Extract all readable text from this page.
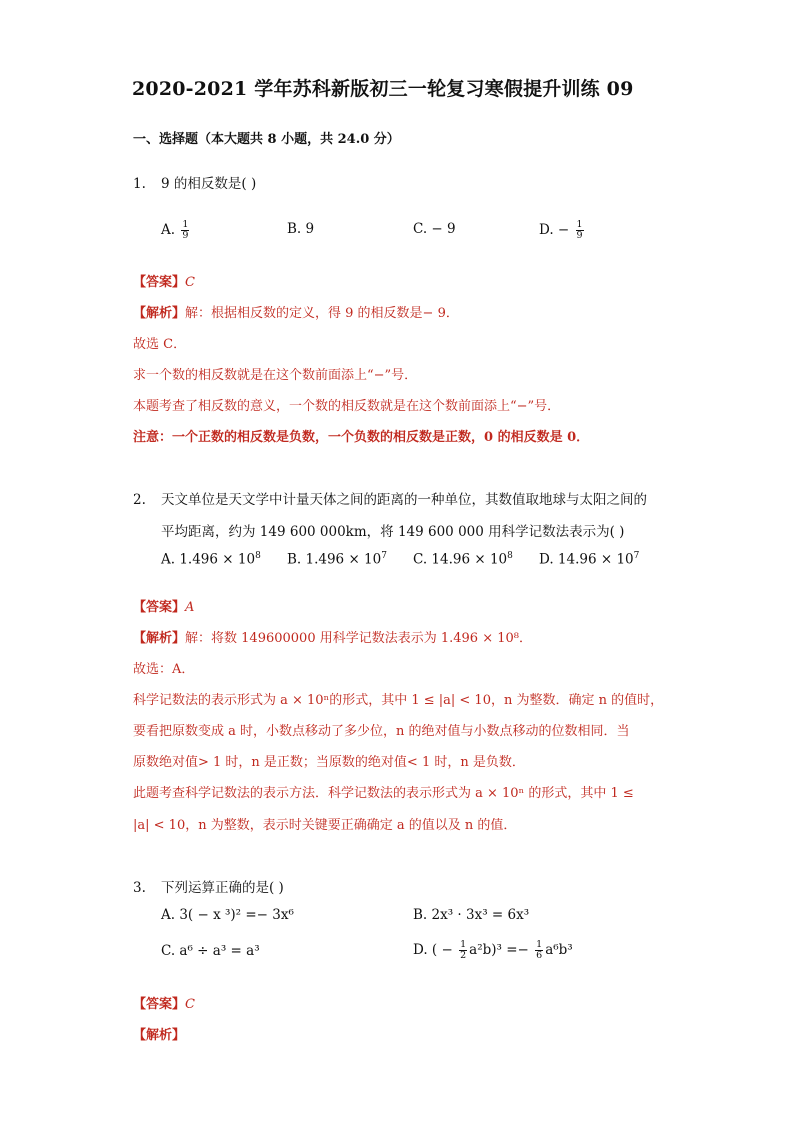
2020-2021 学年苏科新版初三一轮复习寒假提升训练 09
一、选择题（本大题共 8 小题，共 24.0 分）
1. 9 的相反数是( )
A. $\frac{1}{9}$	B. 9	C. − 9	D. − $\frac{1}{9}$
【答案】C
【解析】解：根据相反数的定义，得 9 的相反数是− 9．
故选 C．
求一个数的相反数就是在这个数前面添上“−”号．
本题考查了相反数的意义，一个数的相反数就是在这个数前面添上“−”号．
注意：一个正数的相反数是负数，一个负数的相反数是正数，0 的相反数是 0．
2. 天文单位是天文学中计量天体之间的距离的一种单位，其数值取地球与太阳之间的
平均距离，约为 149 600 000km，将 149 600 000 用科学记数法表示为( )
A. $1.496 \times 10^8$ B. $1.496 \times 10^7$ C. $14.96 \times 10^8$ D. $14.96 \times 10^7$
【答案】A
【解析】解：将数 149600000 用科学记数法表示为 1.496 × 10⁸．
故选：A．
科学记数法的表示形式为 a × 10ⁿ的形式，其中 1 ≤ |a| < 10，n 为整数．确定 n 的值时，
要看把原数变成 a 时，小数点移动了多少位，n 的绝对值与小数点移动的位数相同．当
原数绝对值> 1 时，n 是正数；当原数的绝对值< 1 时，n 是负数．
此题考查科学记数法的表示方法．科学记数法的表示形式为 a × 10ⁿ 的形式，其中 1 ≤
|a| < 10，n 为整数，表示时关键要正确确定 a 的值以及 n 的值．
3. 下列运算正确的是( )
A. 3( − x ³)² =− 3x⁶	B. 2x³ · 3x³ = 6x³
C. a⁶ ÷ a³ = a³	D. ( − $\frac{1}{2} a^2b)^3 =- \frac{1}{6} a^6b^3$
【答案】C
【解析】
